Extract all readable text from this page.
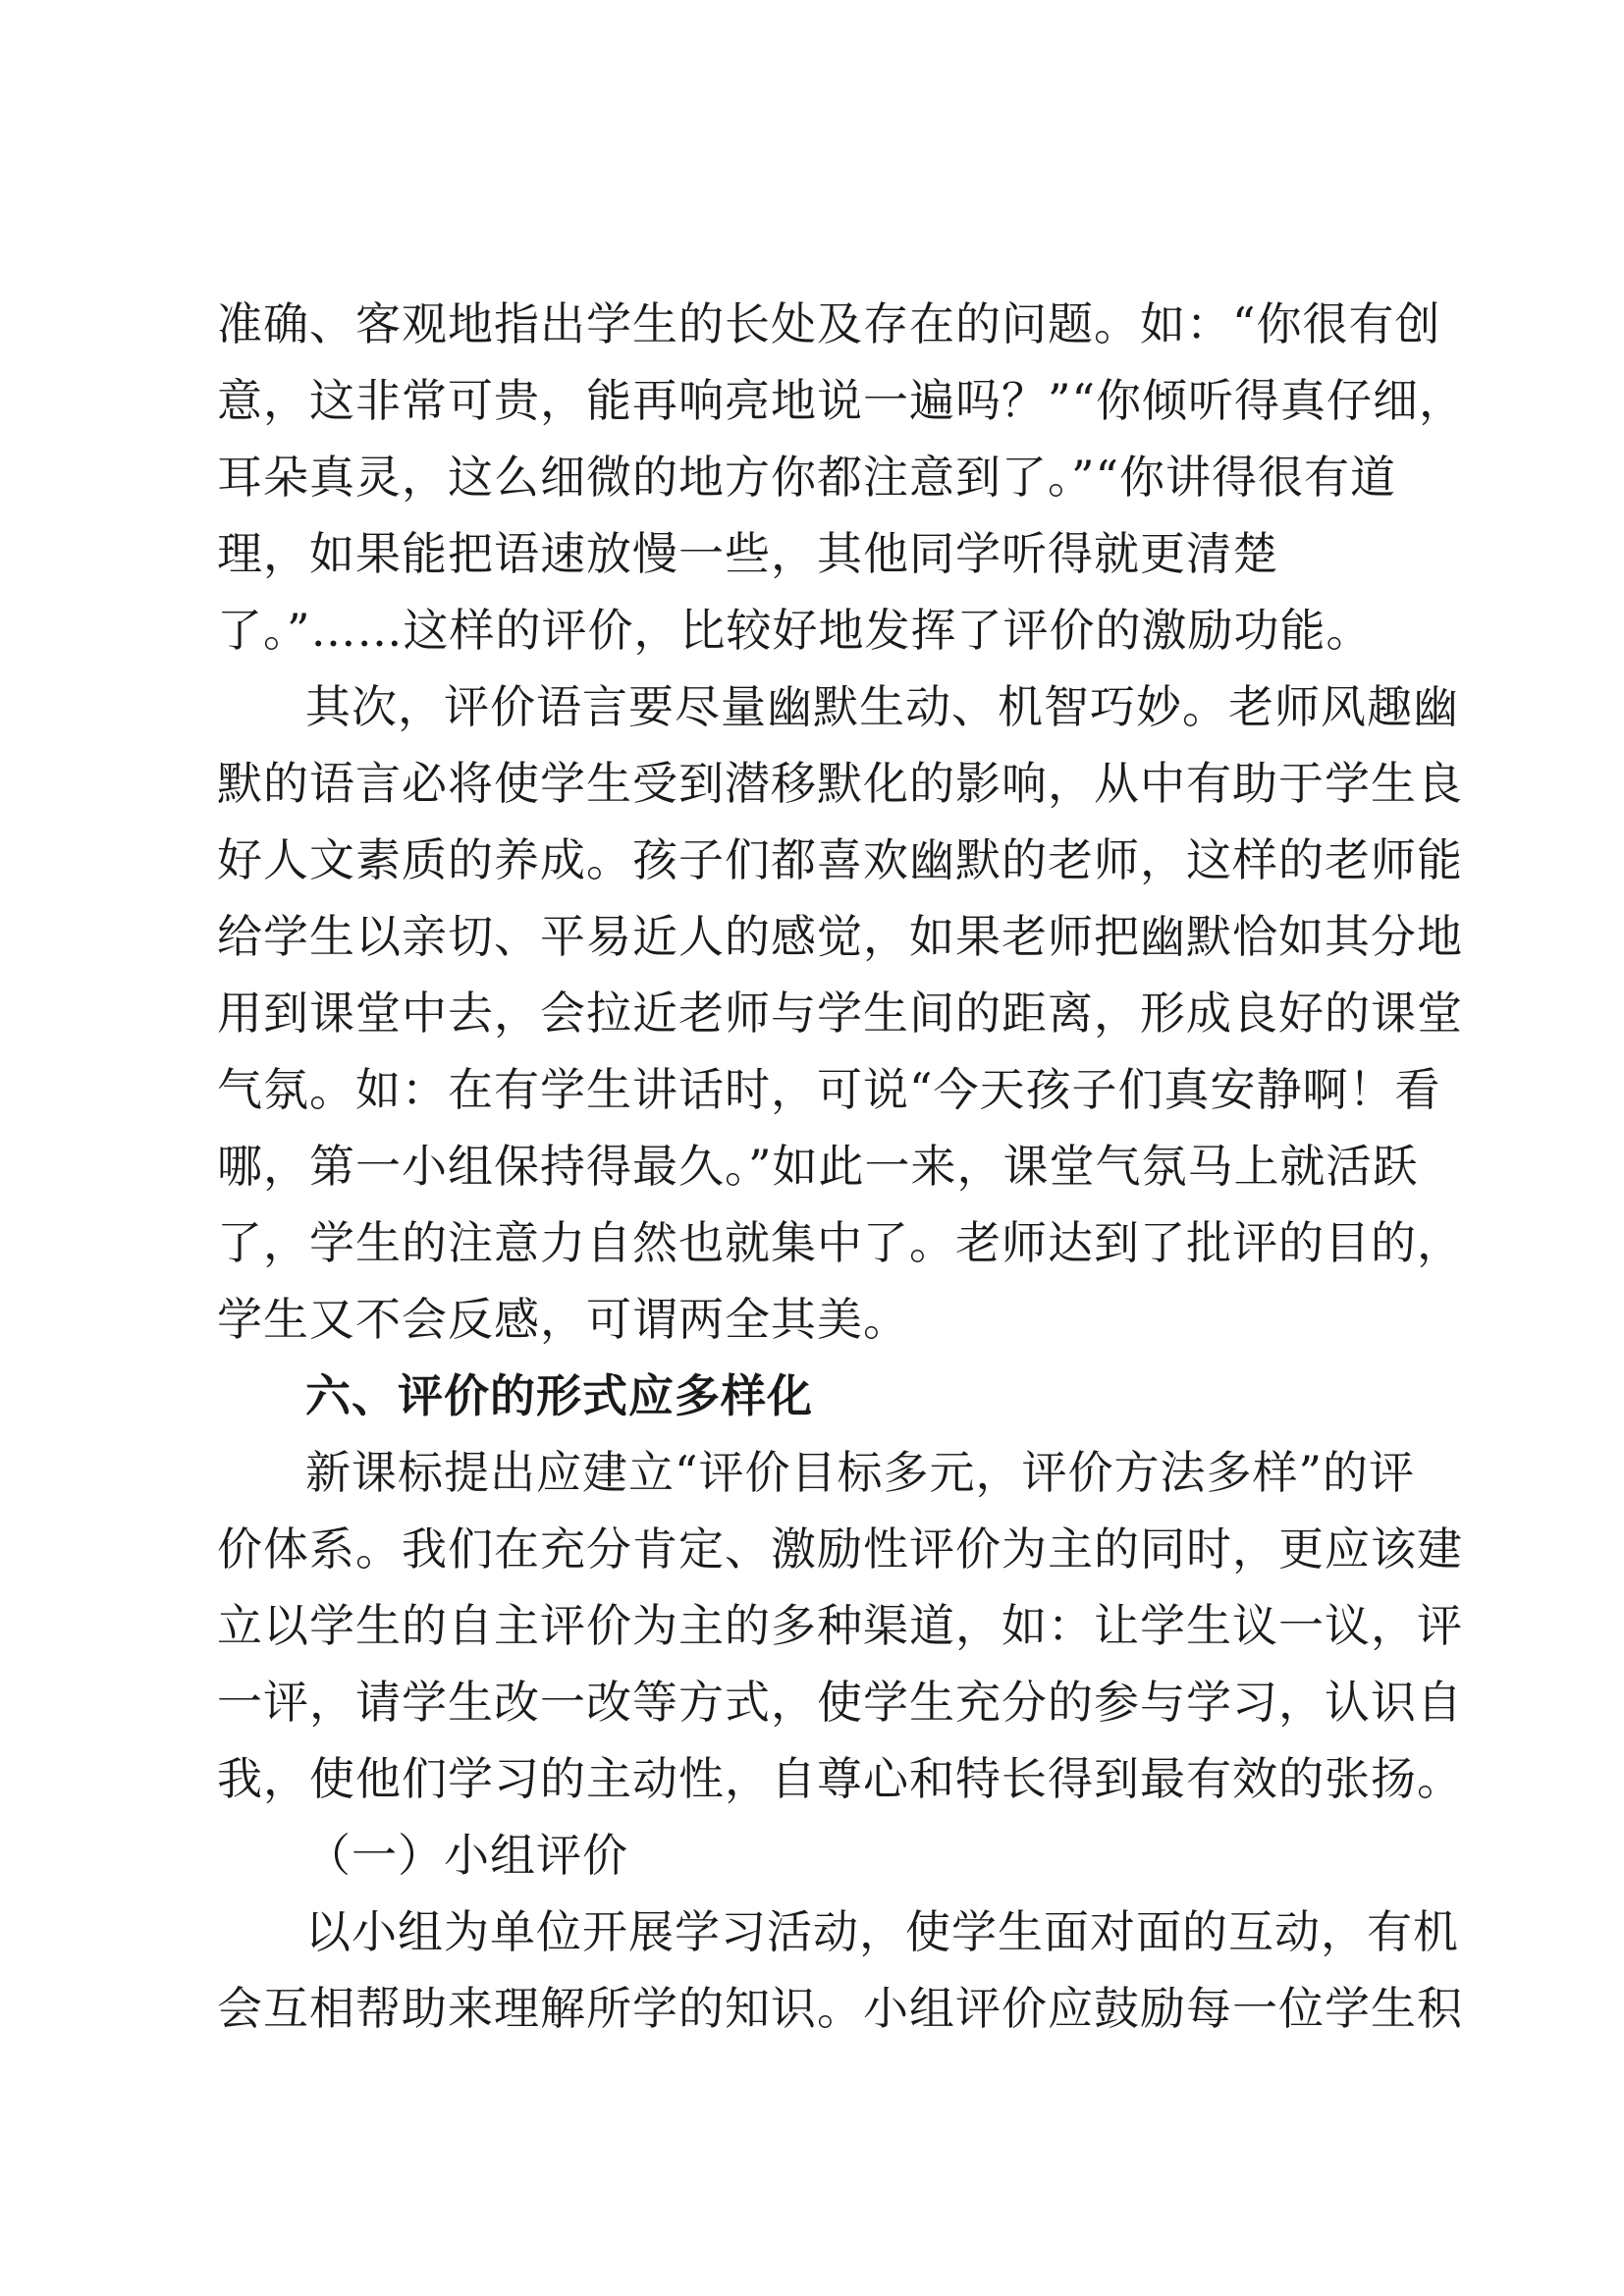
准确、客观地指出学生的长处及存在的问题。如：“你很有创
意，这非常可贵，能再响亮地说一遍吗？”“你倾听得真仔细，
耳朵真灵，这么细微的地方你都注意到了。”“你讲得很有道
理，如果能把语速放慢一些，其他同学听得就更清楚
了。”……这样的评价，比较好地发挥了评价的激励功能。
其次，评价语言要尽量幽默生动、机智巧妙。老师风趣幽
默的语言必将使学生受到潜移默化的影响，从中有助于学生良
好人文素质的养成。孩子们都喜欢幽默的老师，这样的老师能
给学生以亲切、平易近人的感觉，如果老师把幽默恰如其分地
用到课堂中去，会拉近老师与学生间的距离，形成良好的课堂
气氛。如：在有学生讲话时，可说“今天孩子们真安静啊！看
哪，第一小组保持得最久。”如此一来，课堂气氛马上就活跃
了，学生的注意力自然也就集中了。老师达到了批评的目的，
学生又不会反感，可谓两全其美。
六、评价的形式应多样化
新课标提出应建立“评价目标多元，评价方法多样”的评
价体系。我们在充分肯定、激励性评价为主的同时，更应该建
立以学生的自主评价为主的多种渠道，如：让学生议一议，评
一评，请学生改一改等方式，使学生充分的参与学习，认识自
我，使他们学习的主动性，自尊心和特长得到最有效的张扬。
（一）小组评价
以小组为单位开展学习活动，使学生面对面的互动，有机
会互相帮助来理解所学的知识。小组评价应鼓励每一位学生积
